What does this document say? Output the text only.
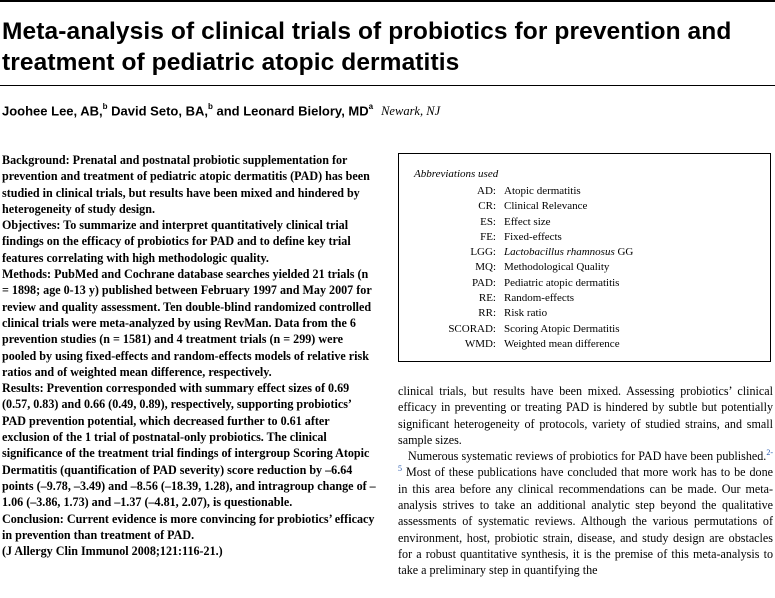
Meta-analysis of clinical trials of probiotics for prevention and treatment of pediatric atopic dermatitis
Joohee Lee, AB,$^b$ David Seto, BA,$^b$ and Leonard Bielory, $MD^a$ Newark, NJ

Background: Prenatal and postnatal probiotic supplementation for prevention and treatment of pediatric atopic dermatitis (PAD) has been studied in clinical trials, but results have been mixed and hindered by heterogeneity of study design.

Objectives: To summarize and interpret quantitatively clinical trial findings on the efficacy of probiotics for PAD and to define key trial features correlating with high methodologic quality.

Methods: PubMed and Cochrane database searches yielded 21 trials (n = 1898; age 0-13 y) published between February 1997 and May 2007 for review and quality assessment. Ten double-blind randomized controlled clinical trials were meta-analyzed by using RevMan. Data from the 6 prevention studies (n = 1581) and 4 treatment trials (n = 299) were pooled by using fixed-effects and random-effects models of relative risk ratios and of weighted mean difference, respectively.

Results: Prevention corresponded with summary effect sizes of 0.69 (0.57, 0.83) and 0.66 (0.49, 0.89), respectively, supporting probiotics’ PAD prevention potential, which decreased further to 0.61 after exclusion of the 1 trial of postnatal-only probiotics. The clinical significance of the treatment trial findings of intergroup Scoring Atopic Dermatitis (quantification of PAD severity) score reduction by –6.64 points (–9.78, –3.49) and –8.56 (–18.39, 1.28), and intragroup change of –1.06 (–3.86, 1.73) and –1.37 (–4.81, 2.07), is questionable.

Conclusion: Current evidence is more convincing for probiotics’ efficacy in prevention than treatment of PAD.

(J Allergy Clin Immunol 2008;121:116-21.)

Abbreviations used
AD: Atopic dermatitis
CR: Clinical Relevance
ES: Effect size
FE: Fixed-effects
LGG: Lactobacillus rhamnosus GG
MQ: Methodological Quality
PAD: Pediatric atopic dermatitis
RE: Random-effects
RR: Risk ratio
SCORAD: Scoring Atopic Dermatitis
WMD: Weighted mean difference

clinical trials, but results have been mixed. Assessing probiotics’ clinical efficacy in preventing or treating PAD is hindered by subtle but potentially significant heterogeneity of protocols, variety of studied strains, and small sample sizes.

Numerous systematic reviews of probiotics for PAD have been published.$^{2-5}$ Most of these publications have concluded that more work has to be done in this area before any clinical recommendations can be made. Our meta-analysis strives to take an additional analytic step beyond the qualitative assessments of systematic reviews. Although the various permutations of environment, host, probiotic strain, disease, and study design are obstacles for a robust quantitative synthesis, it is the premise of this meta-analysis to take a preliminary step in quantifying the
